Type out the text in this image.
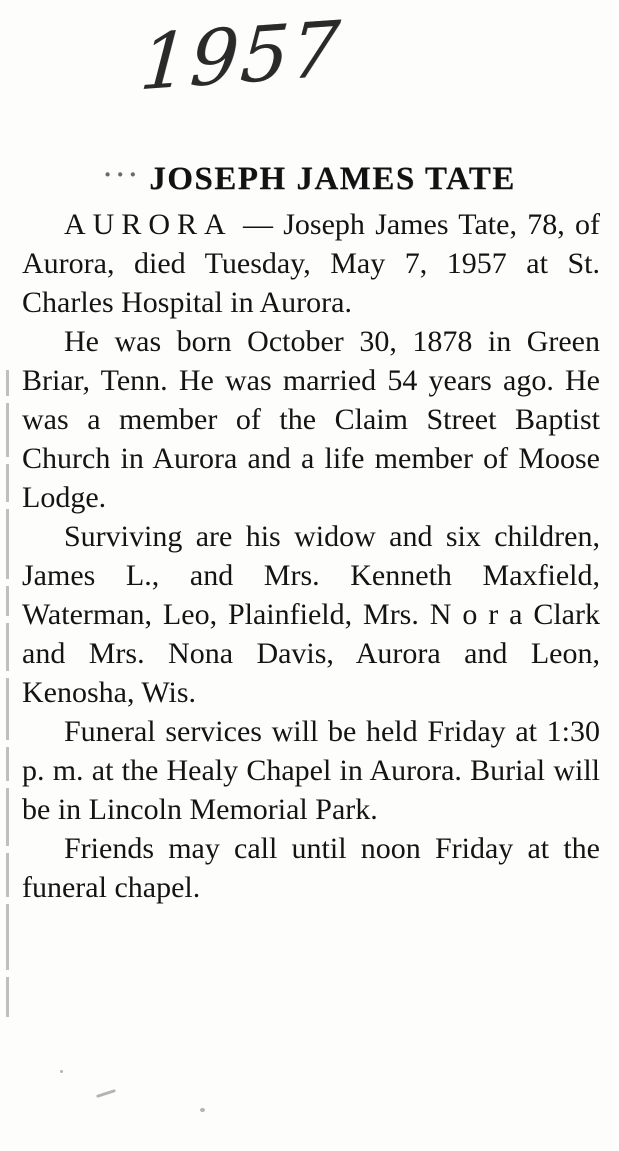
1957
··· JOSEPH JAMES TATE

AURORA — Joseph James Tate, 78, of Aurora, died Tuesday, May 7, 1957 at St. Charles Hospital in Aurora.

He was born October 30, 1878 in Green Briar, Tenn. He was married 54 years ago. He was a member of the Claim Street Baptist Church in Aurora and a life member of Moose Lodge.

Surviving are his widow and six children, James L., and Mrs. Kenneth Maxfield, Waterman, Leo, Plainfield, Mrs. N o r a Clark and Mrs. Nona Davis, Aurora and Leon, Kenosha, Wis.

Funeral services will be held Friday at 1:30 p. m. at the Healy Chapel in Aurora. Burial will be in Lincoln Memorial Park.

Friends may call until noon Friday at the funeral chapel.
